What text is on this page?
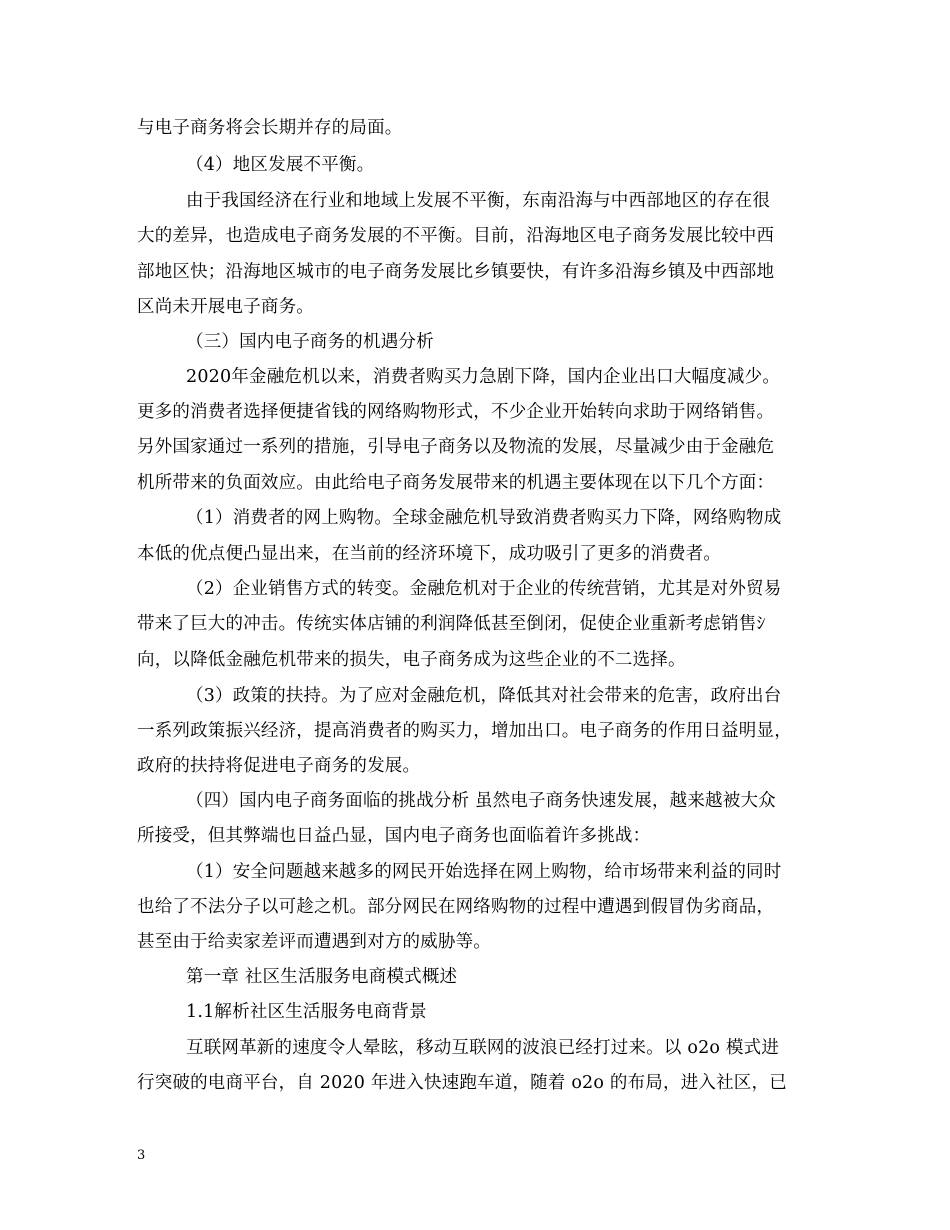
与电子商务将会长期并存的局面。
（4）地区发展不平衡。
由于我国经济在行业和地域上发展不平衡，东南沿海与中西部地区的存在很
大的差异，也造成电子商务发展的不平衡。目前，沿海地区电子商务发展比较中西
部地区快；沿海地区城市的电子商务发展比乡镇要快，有许多沿海乡镇及中西部地
区尚未开展电子商务。
（三）国内电子商务的机遇分析
2020年金融危机以来，消费者购买力急剧下降，国内企业出口大幅度减少。
更多的消费者选择便捷省钱的网络购物形式，不少企业开始转向求助于网络销售。
另外国家通过一系列的措施，引导电子商务以及物流的发展，尽量减少由于金融危
机所带来的负面效应。由此给电子商务发展带来的机遇主要体现在以下几个方面：
（1）消费者的网上购物。全球金融危机导致消费者购买力下降，网络购物成
本低的优点便凸显出来，在当前的经济环境下，成功吸引了更多的消费者。
（2）企业销售方式的转变。金融危机对于企业的传统营销，尤其是对外贸易
带来了巨大的冲击。传统实体店铺的利润降低甚至倒闭，促使企业重新考虑销售ｼ
向，以降低金融危机带来的损失，电子商务成为这些企业的不二选择。
（3）政策的扶持。为了应对金融危机，降低其对社会带来的危害，政府出台
一系列政策振兴经济，提高消费者的购买力，增加出口。电子商务的作用日益明显，
政府的扶持将促进电子商务的发展。
（四）国内电子商务面临的挑战分析 虽然电子商务快速发展，越来越被大众
所接受，但其弊端也日益凸显，国内电子商务也面临着许多挑战：
（1）安全问题越来越多的网民开始选择在网上购物，给市场带来利益的同时
也给了不法分子以可趁之机。部分网民在网络购物的过程中遭遇到假冒伪劣商品，
甚至由于给卖家差评而遭遇到对方的威胁等。
第一章 社区生活服务电商模式概述
1.1解析社区生活服务电商背景
互联网革新的速度令人晕眩，移动互联网的波浪已经打过来。以 o2o 模式进
行突破的电商平台，自 2020 年进入快速跑车道，随着 o2o 的布局，进入社区，已
3
